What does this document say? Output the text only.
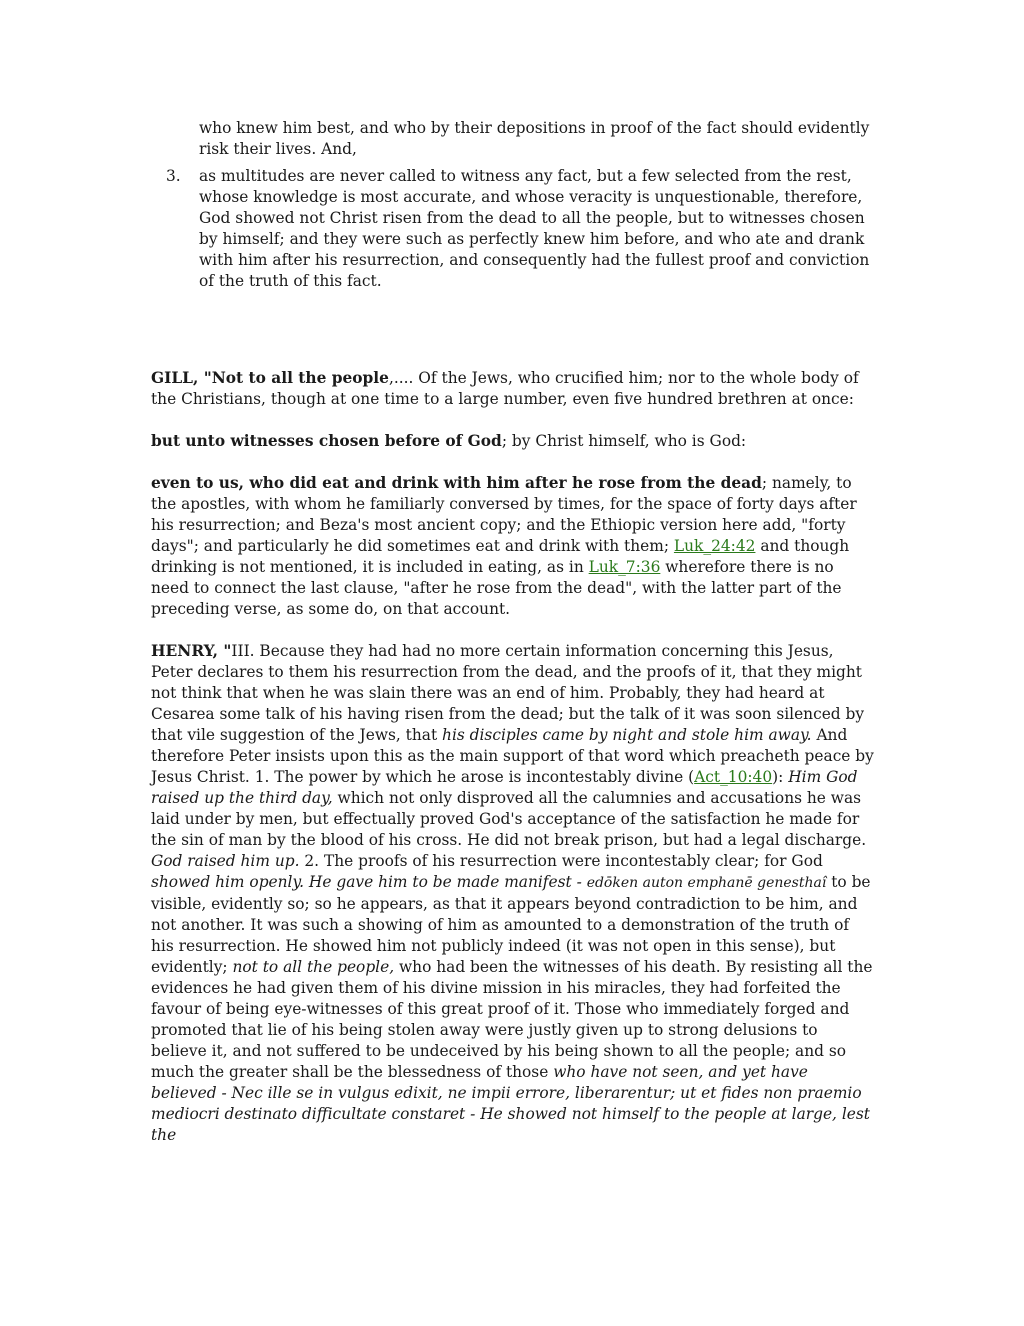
who knew him best, and who by their depositions in proof of the fact should evidently risk their lives. And,
3. as multitudes are never called to witness any fact, but a few selected from the rest, whose knowledge is most accurate, and whose veracity is unquestionable, therefore, God showed not Christ risen from the dead to all the people, but to witnesses chosen by himself; and they were such as perfectly knew him before, and who ate and drank with him after his resurrection, and consequently had the fullest proof and conviction of the truth of this fact.

GILL, "Not to all the people,.... Of the Jews, who crucified him; nor to the whole body of the Christians, though at one time to a large number, even five hundred brethren at once:

but unto witnesses chosen before of God; by Christ himself, who is God:

even to us, who did eat and drink with him after he rose from the dead; namely, to the apostles, with whom he familiarly conversed by times, for the space of forty days after his resurrection; and Beza's most ancient copy; and the Ethiopic version here add, "forty days"; and particularly he did sometimes eat and drink with them; Luk_24:42 and though drinking is not mentioned, it is included in eating, as in Luk_7:36 wherefore there is no need to connect the last clause, "after he rose from the dead", with the latter part of the preceding verse, as some do, on that account.

HENRY, "III. Because they had had no more certain information concerning this Jesus, Peter declares to them his resurrection from the dead, and the proofs of it, that they might not think that when he was slain there was an end of him. Probably, they had heard at Cesarea some talk of his having risen from the dead; but the talk of it was soon silenced by that vile suggestion of the Jews, that his disciples came by night and stole him away. And therefore Peter insists upon this as the main support of that word which preacheth peace by Jesus Christ. 1. The power by which he arose is incontestably divine (Act_10:40): Him God raised up the third day, which not only disproved all the calumnies and accusations he was laid under by men, but effectually proved God's acceptance of the satisfaction he made for the sin of man by the blood of his cross. He did not break prison, but had a legal discharge. God raised him up. 2. The proofs of his resurrection were incontestably clear; for God showed him openly. He gave him to be made manifest - edōken auton emphanē genesthaî to be visible, evidently so; so he appears, as that it appears beyond contradiction to be him, and not another. It was such a showing of him as amounted to a demonstration of the truth of his resurrection. He showed him not publicly indeed (it was not open in this sense), but evidently; not to all the people, who had been the witnesses of his death. By resisting all the evidences he had given them of his divine mission in his miracles, they had forfeited the favour of being eye-witnesses of this great proof of it. Those who immediately forged and promoted that lie of his being stolen away were justly given up to strong delusions to believe it, and not suffered to be undeceived by his being shown to all the people; and so much the greater shall be the blessedness of those who have not seen, and yet have believed - Nec ille se in vulgus edixit, ne impii errore, liberarentur; ut et fides non praemio mediocri destinato difficultate constaret - He showed not himself to the people at large, lest the
